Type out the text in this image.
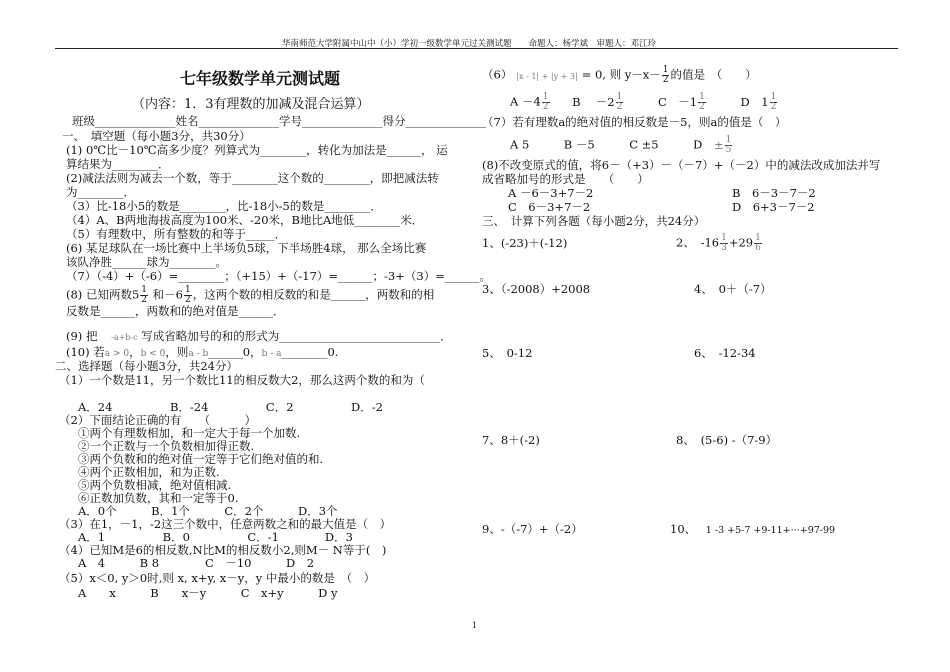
华南师范大学附属中山中（小）学初一级数学单元过关测试题　　命题人：杨学斌　审题人：邓江玲
七年级数学单元测试题
（内容：1．3有理数的加减及混合运算）
班级______________姓名______________学号______________得分______________
一、　填空题（每小题3分，共30分）
(1) 0℃比－10℃高多少度？列算式为________，转化为加法是______， 运
算结果为________．
(2)减法法则为减去一个数，等于________这个数的________，即把减法转
为________．
（3）比-18小5的数是________，比-18小-5的数是________．
（4）A、B两地海拔高度为100米、-20米，B地比A地低________米．
（5）有理数中，所有整数的和等于_____．
(6) 某足球队在一场比赛中上半场负5球，下半场胜4球， 那么全场比赛
该队净胜______球为________。
（7）（-4）+（-6）=________；（+15）+（-17）=______；-3+（3）=______。
(8) 已知两数$5 \frac{1}{2}$ 和$-6 \frac{1}{2}$ ，这两个数的相反数的和是______，两数和的相
反数是______，两数和的绝对值是______．
(9) 把 -a+b-c 写成省略加号的和的形式为____________________________．
(10) 若a > 0，b < 0，则a - b______0，b - a________0.
二、选择题（每小题3分，共24分）
（1）一个数是11，另一个数比11的相反数大2，那么这两个数的和为（
A．24　　　　　B．-24　　　　　C．2　　　　　D．-2
（2）下面结论正确的有　　（　　　）
①两个有理数相加，和一定大于每一个加数.
②一个正数与一个负数相加得正数.
③两个负数和的绝对值一定等于它们绝对值的和.
④两个正数相加，和为正数.
⑤两个负数相减，绝对值相减.
⑥正数加负数，其和一定等于0.
A．0个　　　B．1个　　　C．2个　　　D．3个
（3）在1，－1，-2这三个数中，任意两数之和的最大值是（　）
A．1　　　　　B．0　　　　　C．-1　　　　D．3
（4）已知M是6的相反数,N比M的相反数小2,则M－ N等于(　)
A　4　　　B 8　　　　C　－10　　　D　2
（5）x＜0, y＞0时,则 x, x+y, x－y，y 中最小的数是　（　）
A　　x　　　B　　x－y　　　C　x+y　　　D y
（6） |x - 1| + |y + 3| = 0, 则 $y-x- \frac{1}{2}$ 的值是　（　　）
$A -4 \frac{1}{2}$ B　 $-2 \frac{1}{2}$	C　$-1 \frac{1}{2}$	D　$1 \frac{1}{2}$
（7）若有理数a的绝对值的相反数是－5，则a的值是（　）
A 5　　　B －5　　　C ±5　　　$D \pm \frac{1}{5}$
(8)不改变原式的值，将6－（+3）－（－7）+（－2）中的减法改成加法并写
成省略加号的形式是　　（　　）
A －6－3+7－2	B　6－3－7－2
C　6－3+7－2	D　6+3－7－2
三、　计算下列各题（每小题2分，共24分）
1、(-23)＋(-12)	2、　$-16 \frac{1}{3} +29 \frac{1}{6}$
3、（-2008）+2008	4、　0＋（-7）
5、　0-12	6、　-12-34
7、8＋(-2)	8、　(5-6) -（7-9）
9、-（-7）+（-2）	10、 1 -3 +5-7 +9-11+···+97-99
1
